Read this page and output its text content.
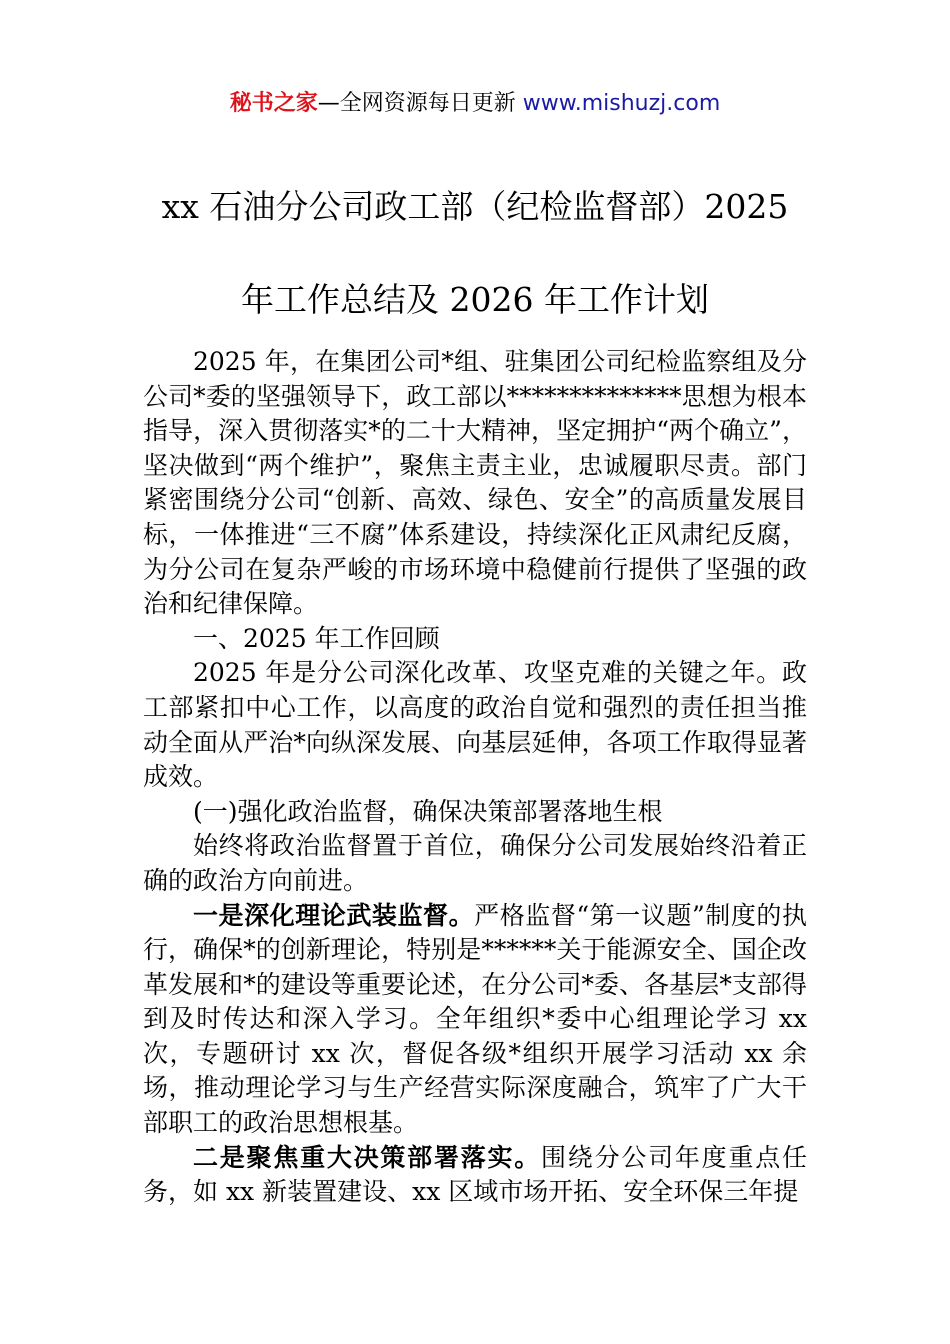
秘书之家—全网资源每日更新 www.mishuzj.com
xx 石油分公司政工部（纪检监督部）2025
年工作总结及 2026 年工作计划

2025 年，在集团公司*组、驻集团公司纪检监察组及分公司*委的坚强领导下，政工部以**************思想为根本指导，深入贯彻落实*的二十大精神，坚定拥护“两个确立”，坚决做到“两个维护”，聚焦主责主业，忠诚履职尽责。部门紧密围绕分公司“创新、高效、绿色、安全”的高质量发展目标，一体推进“三不腐”体系建设，持续深化正风肃纪反腐，为分公司在复杂严峻的市场环境中稳健前行提供了坚强的政治和纪律保障。

一、2025 年工作回顾

2025 年是分公司深化改革、攻坚克难的关键之年。政工部紧扣中心工作，以高度的政治自觉和强烈的责任担当推动全面从严治*向纵深发展、向基层延伸，各项工作取得显著成效。

(一)强化政治监督，确保决策部署落地生根

始终将政治监督置于首位，确保分公司发展始终沿着正确的政治方向前进。

一是深化理论武装监督。严格监督“第一议题”制度的执行，确保*的创新理论，特别是******关于能源安全、国企改革发展和*的建设等重要论述，在分公司*委、各基层*支部得到及时传达和深入学习。全年组织*委中心组理论学习 xx 次，专题研讨 xx 次，督促各级*组织开展学习活动 xx 余场，推动理论学习与生产经营实际深度融合，筑牢了广大干部职工的政治思想根基。

二是聚焦重大决策部署落实。围绕分公司年度重点任务，如 xx 新装置建设、xx 区域市场开拓、安全环保三年提
